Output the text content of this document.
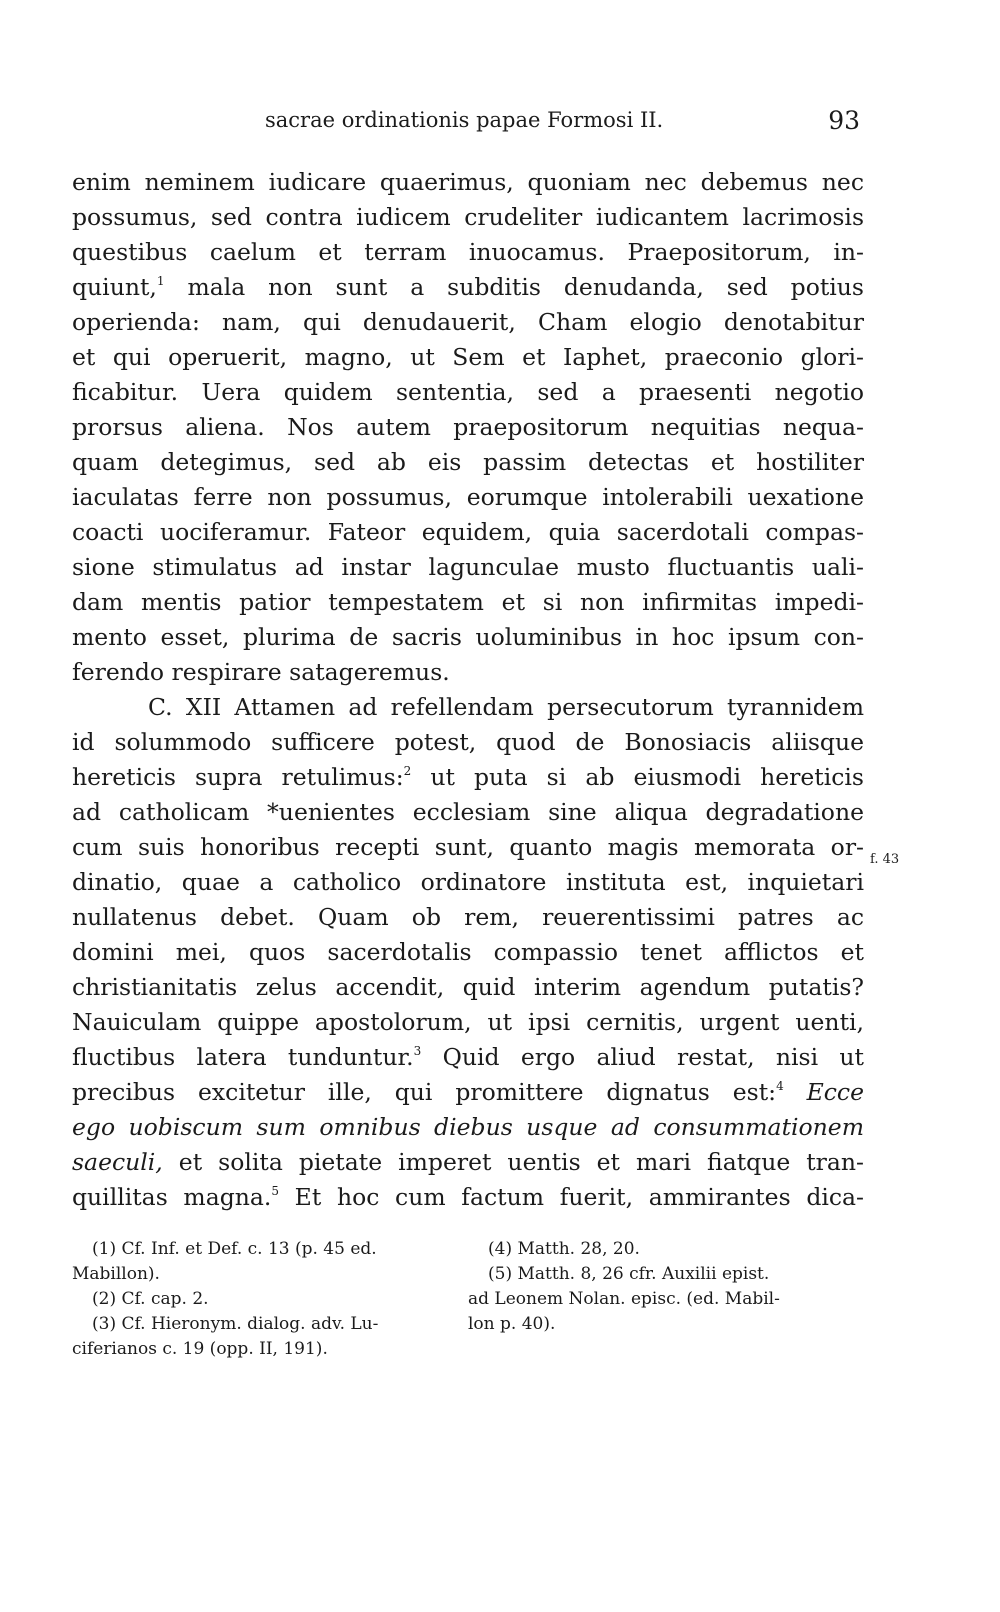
sacrae ordinationis papae Formosi II.	93
enim neminem iudicare quaerimus, quoniam nec debemus nec
possumus, sed contra iudicem crudeliter iudicantem lacrimosis
questibus caelum et terram inuocamus. Praepositorum, in-
quiunt,$^1$ mala non sunt a subditis denudanda, sed potius
operienda: nam, qui denudauerit, Cham elogio denotabitur
et qui operuerit, magno, ut Sem et Iaphet, praeconio glori-
ficabitur. Uera quidem sententia, sed a praesenti negotio
prorsus aliena. Nos autem praepositorum nequitias nequa-
quam detegimus, sed ab eis passim detectas et hostiliter
iaculatas ferre non possumus, eorumque intolerabili uexatione
coacti uociferamur. Fateor equidem, quia sacerdotali compas-
sione stimulatus ad instar lagunculae musto fluctuantis uali-
dam mentis patior tempestatem et si non infirmitas impedi-
mento esset, plurima de sacris uoluminibus in hoc ipsum con-
ferendo respirare satageremus.
C. XII Attamen ad refellendam persecutorum tyrannidem
id solummodo sufficere potest, quod de Bonosiacis aliisque
hereticis supra retulimus:$^2$ ut puta si ab eiusmodi hereticis
ad catholicam *uenientes ecclesiam sine aliqua degradatione
cum suis honoribus recepti sunt, quanto magis memorata or-
dinatio, quae a catholico ordinatore instituta est, inquietari
nullatenus debet. Quam ob rem, reuerentissimi patres ac
domini mei, quos sacerdotalis compassio tenet afflictos et
christianitatis zelus accendit, quid interim agendum putatis?
Nauiculam quippe apostolorum, ut ipsi cernitis, urgent uenti,
fluctibus latera tunduntur.$^3$ Quid ergo aliud restat, nisi ut
precibus excitetur ille, qui promittere dignatus est:$^4$ Ecce
ego uobiscum sum omnibus diebus usque ad consummationem
saeculi, et solita pietate imperet uentis et mari fiatque tran-
quillitas magna.$^5$ Et hoc cum factum fuerit, ammirantes dica-
f. 43
(1) Cf. Inf. et Def. c. 13 (p. 45 ed.
Mabillon).
(2) Cf. cap. 2.
(3) Cf. Hieronym. dialog. adv. Lu-
ciferianos c. 19 (opp. II, 191).
(4) Matth. 28, 20.
(5) Matth. 8, 26 cfr. Auxilii epist.
ad Leonem Nolan. episc. (ed. Mabil-
lon p. 40).
